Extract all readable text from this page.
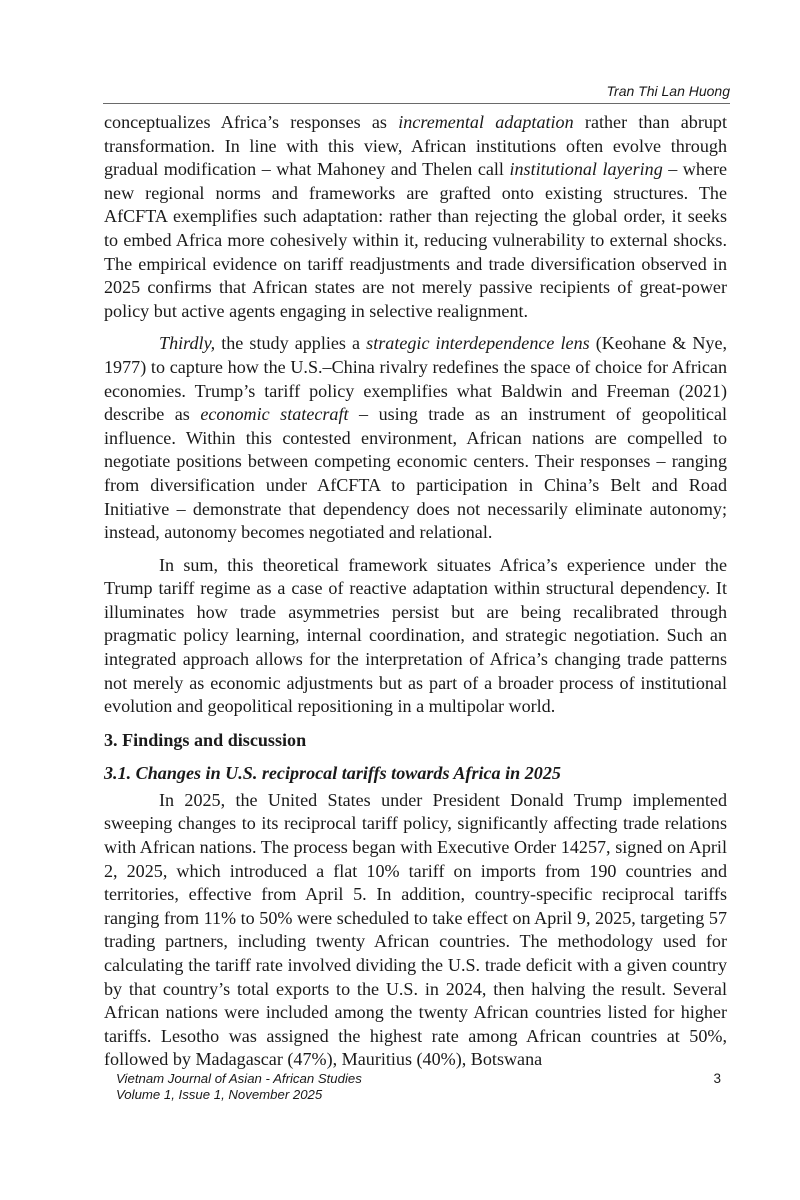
Tran Thi Lan Huong

conceptualizes Africa’s responses as incremental adaptation rather than abrupt transformation. In line with this view, African institutions often evolve through gradual modification – what Mahoney and Thelen call institutional layering – where new regional norms and frameworks are grafted onto existing structures. The AfCFTA exemplifies such adaptation: rather than rejecting the global order, it seeks to embed Africa more cohesively within it, reducing vulnerability to external shocks. The empirical evidence on tariff readjustments and trade diversification observed in 2025 confirms that African states are not merely passive recipients of great-power policy but active agents engaging in selective realignment.

Thirdly, the study applies a strategic interdependence lens (Keohane & Nye, 1977) to capture how the U.S.–China rivalry redefines the space of choice for African economies. Trump’s tariff policy exemplifies what Baldwin and Freeman (2021) describe as economic statecraft – using trade as an instrument of geopolitical influence. Within this contested environment, African nations are compelled to negotiate positions between competing economic centers. Their responses – ranging from diversification under AfCFTA to participation in China’s Belt and Road Initiative – demonstrate that dependency does not necessarily eliminate autonomy; instead, autonomy becomes negotiated and relational.

In sum, this theoretical framework situates Africa’s experience under the Trump tariff regime as a case of reactive adaptation within structural dependency. It illuminates how trade asymmetries persist but are being recalibrated through pragmatic policy learning, internal coordination, and strategic negotiation. Such an integrated approach allows for the interpretation of Africa’s changing trade patterns not merely as economic adjustments but as part of a broader process of institutional evolution and geopolitical repositioning in a multipolar world.

3. Findings and discussion
3.1. Changes in U.S. reciprocal tariffs towards Africa in 2025

In 2025, the United States under President Donald Trump implemented sweeping changes to its reciprocal tariff policy, significantly affecting trade relations with African nations. The process began with Executive Order 14257, signed on April 2, 2025, which introduced a flat 10% tariff on imports from 190 countries and territories, effective from April 5. In addition, country-specific reciprocal tariffs ranging from 11% to 50% were scheduled to take effect on April 9, 2025, targeting 57 trading partners, including twenty African countries. The methodology used for calculating the tariff rate involved dividing the U.S. trade deficit with a given country by that country’s total exports to the U.S. in 2024, then halving the result. Several African nations were included among the twenty African countries listed for higher tariffs. Lesotho was assigned the highest rate among African countries at 50%, followed by Madagascar (47%), Mauritius (40%), Botswana

Vietnam Journal of Asian - African Studies
Volume 1, Issue 1, November 2025
3
